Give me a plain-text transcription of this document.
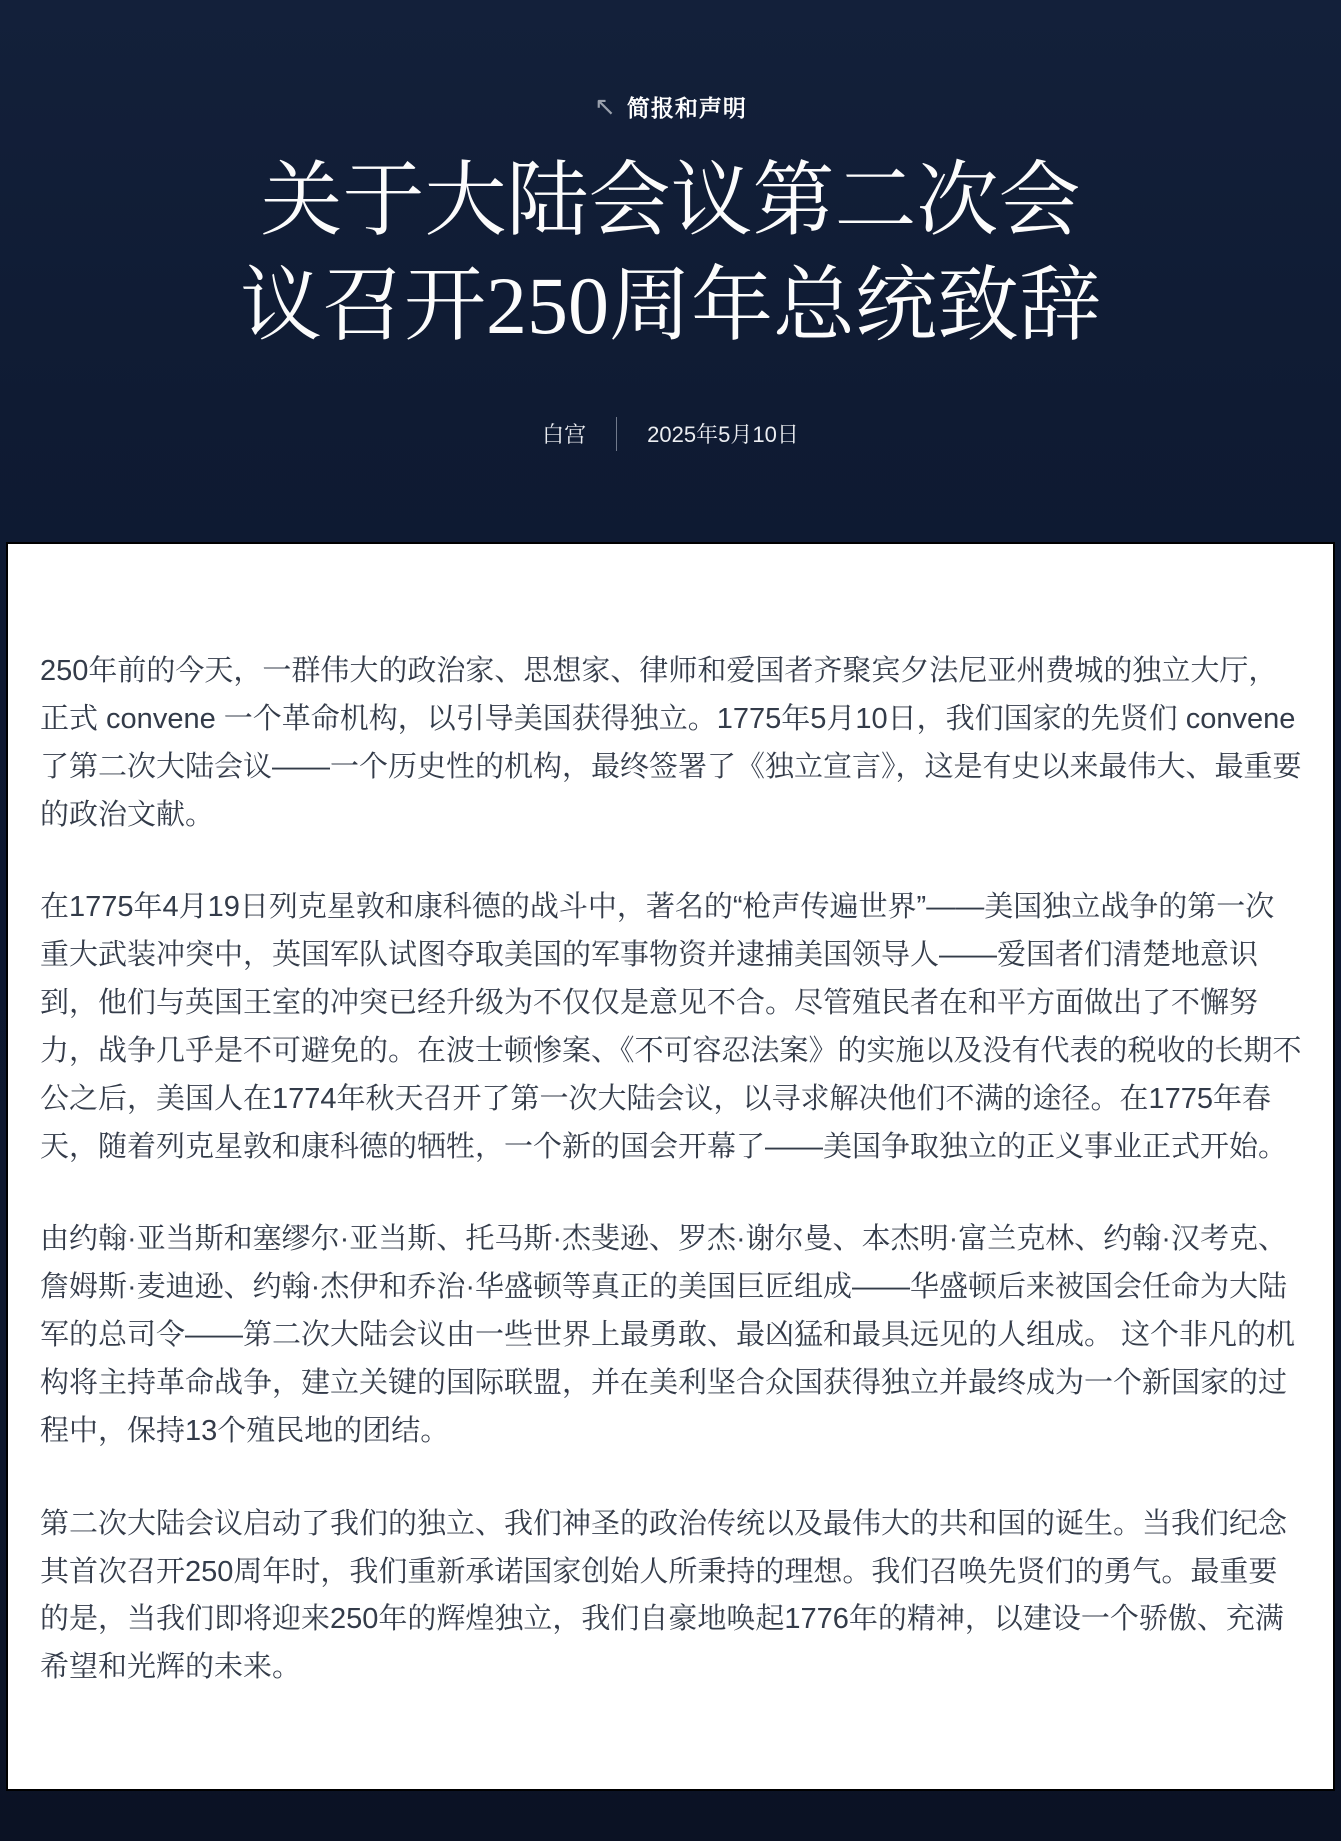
↖ 简报和声明
关于大陆会议第二次会议召开250周年总统致辞
白宫	2025年5月10日

250年前的今天，一群伟大的政治家、思想家、律师和爱国者齐聚宾夕法尼亚州费城的独立大厅，正式 convene 一个革命机构，以引导美国获得独立。1775年5月10日，我们国家的先贤们 convene 了第二次大陆会议——一个历史性的机构，最终签署了《独立宣言》，这是有史以来最伟大、最重要的政治文献。

在1775年4月19日列克星敦和康科德的战斗中，著名的“枪声传遍世界”——美国独立战争的第一次重大武装冲突中，英国军队试图夺取美国的军事物资并逮捕美国领导人——爱国者们清楚地意识到，他们与英国王室的冲突已经升级为不仅仅是意见不合。尽管殖民者在和平方面做出了不懈努力，战争几乎是不可避免的。在波士顿惨案、《不可容忍法案》的实施以及没有代表的税收的长期不公之后，美国人在1774年秋天召开了第一次大陆会议，以寻求解决他们不满的途径。在1775年春天，随着列克星敦和康科德的牺牲，一个新的国会开幕了——美国争取独立的正义事业正式开始。

由约翰·亚当斯和塞缪尔·亚当斯、托马斯·杰斐逊、罗杰·谢尔曼、本杰明·富兰克林、约翰·汉考克、詹姆斯·麦迪逊、约翰·杰伊和乔治·华盛顿等真正的美国巨匠组成——华盛顿后来被国会任命为大陆军的总司令——第二次大陆会议由一些世界上最勇敢、最凶猛和最具远见的人组成。 这个非凡的机构将主持革命战争，建立关键的国际联盟，并在美利坚合众国获得独立并最终成为一个新国家的过程中，保持13个殖民地的团结。

第二次大陆会议启动了我们的独立、我们神圣的政治传统以及最伟大的共和国的诞生。当我们纪念其首次召开250周年时，我们重新承诺国家创始人所秉持的理想。我们召唤先贤们的勇气。最重要的是，当我们即将迎来250年的辉煌独立，我们自豪地唤起1776年的精神，以建设一个骄傲、充满希望和光辉的未来。
